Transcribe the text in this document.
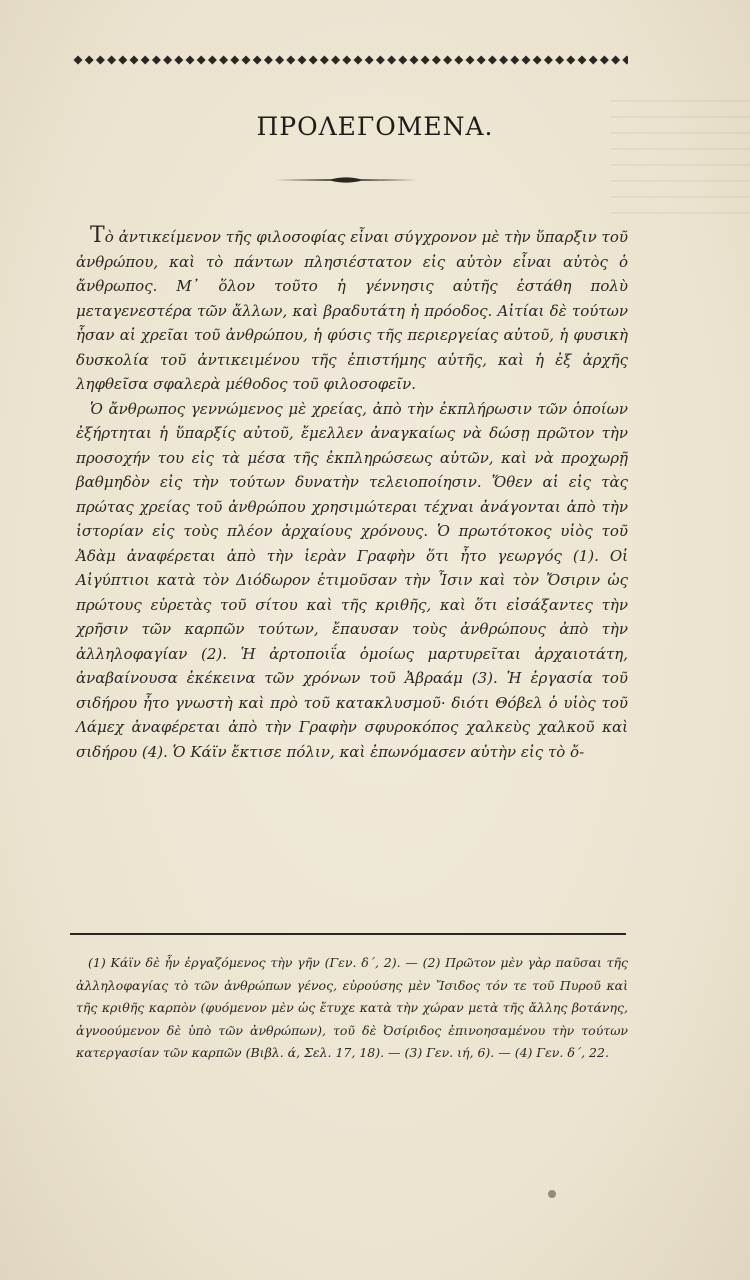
ΠΡΟΛΕΓΟΜΕΝΑ.

Τὸ ἀντικείμενον τῆς φιλοσοφίας εἶναι σύγχρονον μὲ τὴν ὕπαρξιν τοῦ ἀνθρώπου, καὶ τὸ πάντων πλησιέστατον εἰς αὐτὸν εἶναι αὐτὸς ὁ ἄνθρωπος. Μ᾽ ὅλον τοῦτο ἡ γέννησις αὐτῆς ἐστάθη πολὺ μεταγενεστέρα τῶν ἄλλων, καὶ βραδυτάτη ἡ πρόοδος. Αἰτίαι δὲ τούτων ἦσαν αἱ χρεῖαι τοῦ ἀνθρώπου, ἡ φύσις τῆς περιεργείας αὐτοῦ, ἡ φυσικὴ δυσκολία τοῦ ἀντικειμένου τῆς ἐπιστήμης αὐτῆς, καὶ ἡ ἐξ ἀρχῆς ληφθεῖσα σφαλερὰ μέθοδος τοῦ φιλοσοφεῖν.

Ὁ ἄνθρωπος γεννώμενος μὲ χρείας, ἀπὸ τὴν ἐκπλήρωσιν τῶν ὁποίων ἐξήρτηται ἡ ὕπαρξίς αὐτοῦ, ἔμελλεν ἀναγκαίως νὰ δώσῃ πρῶτον τὴν προσοχήν του εἰς τὰ μέσα τῆς ἐκπληρώσεως αὐτῶν, καὶ νὰ προχωρῇ βαθμηδὸν εἰς τὴν τούτων δυνατὴν τελειοποίησιν. Ὅθεν αἱ εἰς τὰς πρώτας χρείας τοῦ ἀνθρώπου χρησιμώτεραι τέχναι ἀνάγονται ἀπὸ τὴν ἱστορίαν εἰς τοὺς πλέον ἀρχαίους χρόνους. Ὁ πρωτότοκος υἱὸς τοῦ Ἀδὰμ ἀναφέρεται ἀπὸ τὴν ἱερὰν Γραφὴν ὅτι ἦτο γεωργός (1). Οἱ Αἰγύπτιοι κατὰ τὸν Διόδωρον ἐτιμοῦσαν τὴν Ἶσιν καὶ τὸν Ὄσιριν ὡς πρώτους εὑρετὰς τοῦ σίτου καὶ τῆς κριθῆς, καὶ ὅτι εἰσάξαντες τὴν χρῆσιν τῶν καρπῶν τούτων, ἔπαυσαν τοὺς ἀνθρώπους ἀπὸ τὴν ἀλληλοφαγίαν (2). Ἡ ἀρτοποιΐα ὁμοίως μαρτυρεῖται ἀρχαιοτάτη, ἀναβαίνουσα ἐκέκεινα τῶν χρόνων τοῦ Ἀβραάμ (3). Ἡ ἐργασία τοῦ σιδήρου ἦτο γνωστὴ καὶ πρὸ τοῦ κατακλυσμοῦ· διότι Θόβελ ὁ υἱὸς τοῦ Λάμεχ ἀναφέρεται ἀπὸ τὴν Γραφὴν σφυροκόπος χαλκεὺς χαλκοῦ καὶ σιδήρου (4). Ὁ Κάϊν ἔκτισε πόλιν, καὶ ἐπωνόμασεν αὐτὴν εἰς τὸ ὄ-

(1) Κάϊν δὲ ἦν ἐργαζόμενος τὴν γῆν (Γεν. δ΄, 2). — (2) Πρῶτον μὲν γὰρ παῦσαι τῆς ἀλληλοφαγίας τὸ τῶν ἀνθρώπων γένος, εὑρούσης μὲν Ἴσιδος τόν τε τοῦ Πυροῦ καὶ τῆς κριθῆς καρπὸν (φυόμενον μὲν ὡς ἔτυχε κατὰ τὴν χώραν μετὰ τῆς ἄλλης βοτάνης, ἀγνοούμενον δὲ ὑπὸ τῶν ἀνθρώπων), τοῦ δὲ Ὀσίριδος ἐπινοησαμένου τὴν τούτων κατεργασίαν τῶν καρπῶν (Βιβλ. ά, Σελ. 17, 18). — (3) Γεν. ιή, 6). — (4) Γεν. δ΄, 22.
